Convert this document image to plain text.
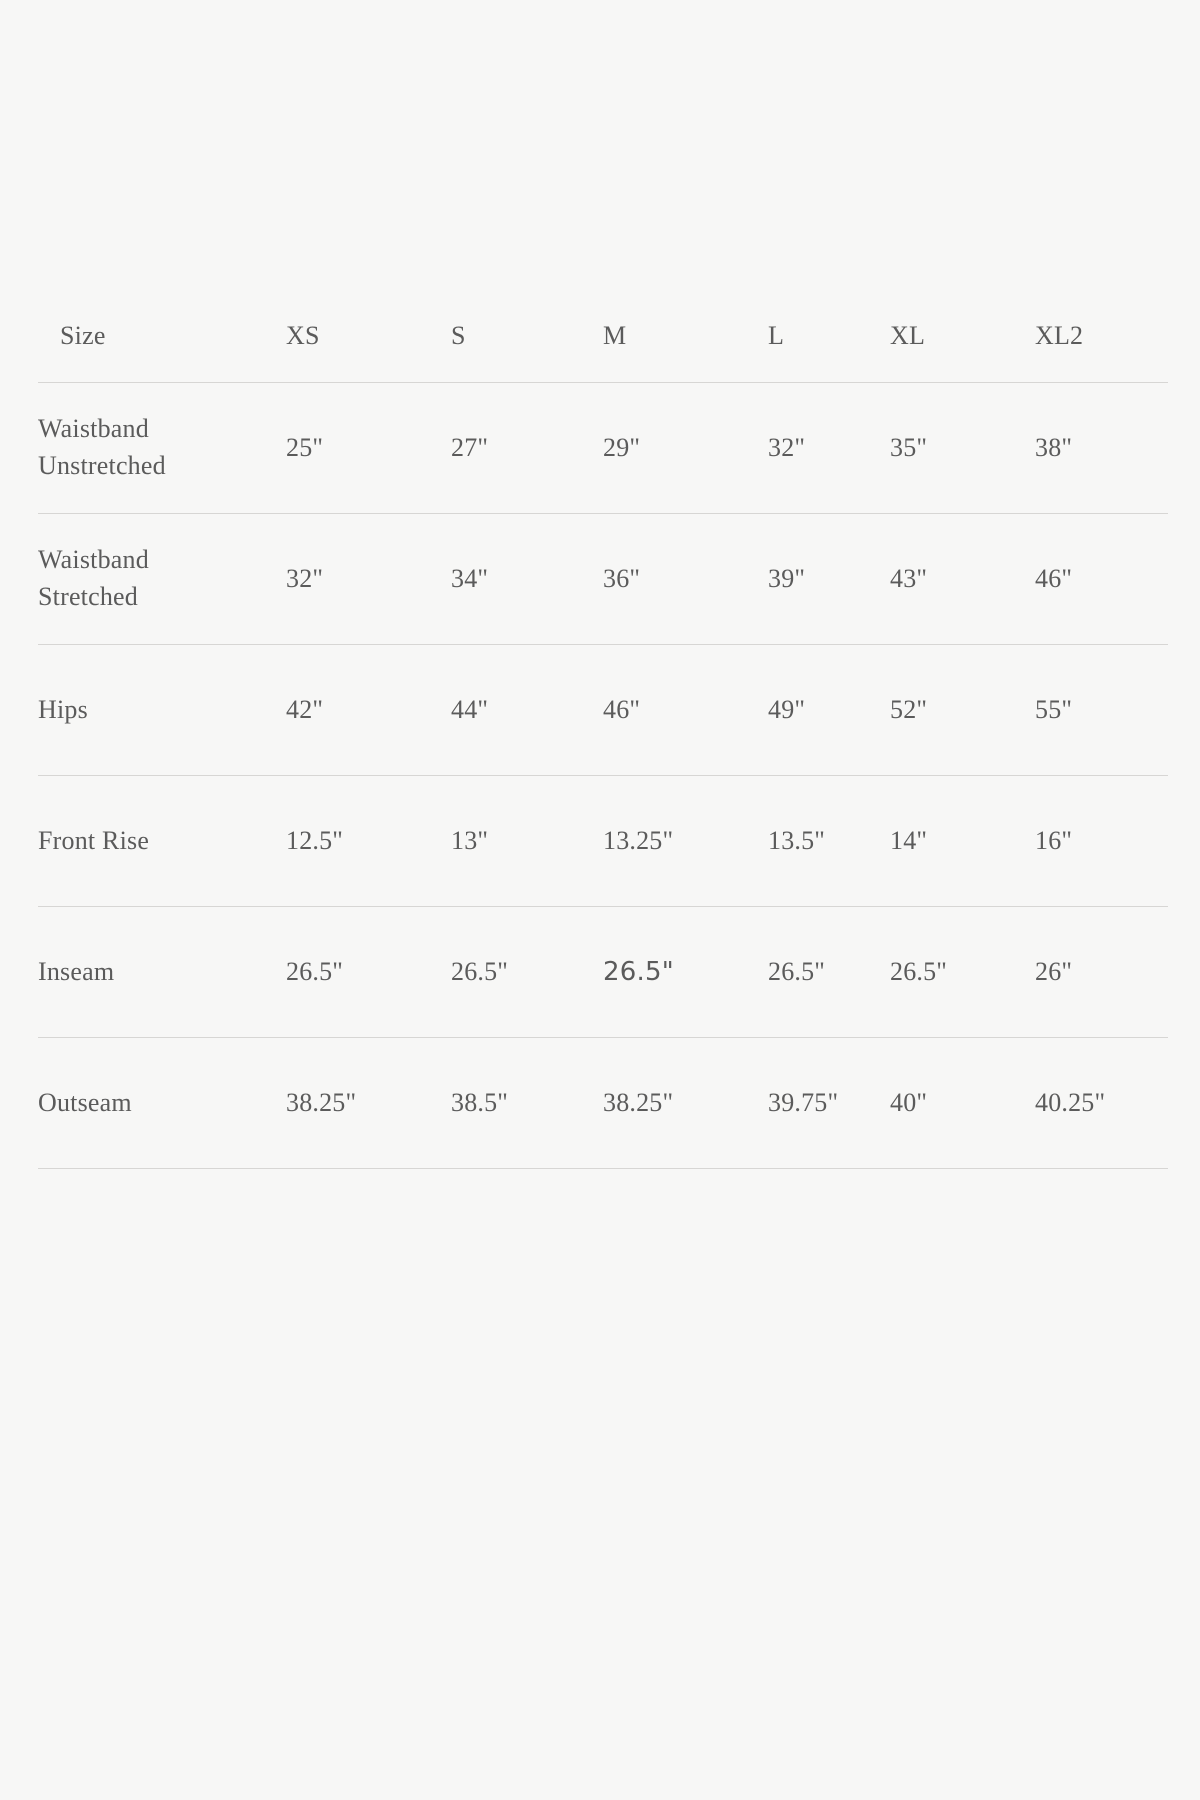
Size	XS	S	M	L	XL	XL2

Waistband
Unstretched	25"	27"	29"	32"	35"	38"

Waistband
Stretched	32"	34"	36"	39"	43"	46"
Hips	42"	44"	46"	49"	52"	55"
Front Rise	12.5"	13"	13.25"	13.5"	14"	16"
Inseam	26.5"	26.5"	26.5"	26.5"	26.5"	26"
Outseam	38.25"	38.5"	38.25"	39.75"	40"	40.25"
